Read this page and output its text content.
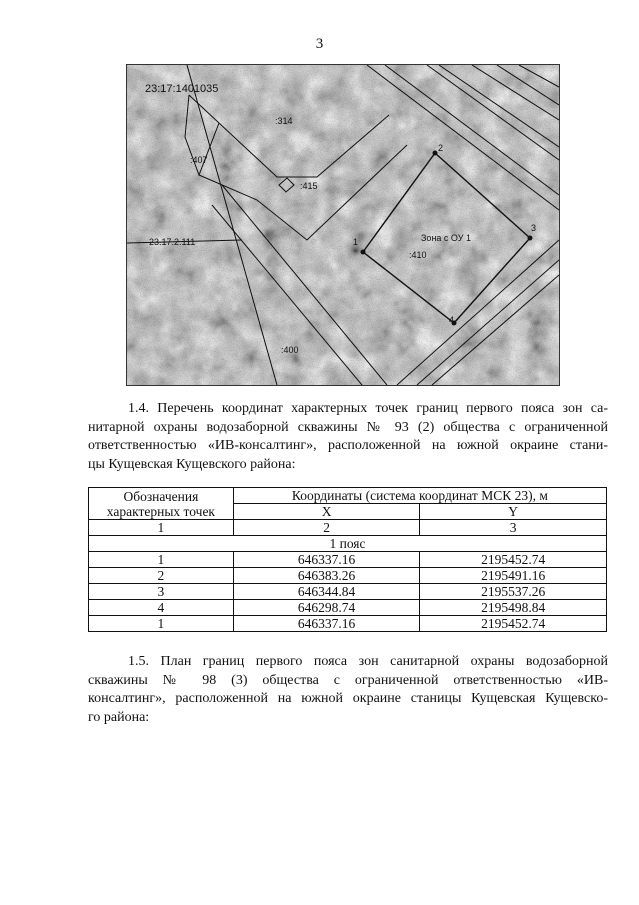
3
23:17:1401035
:314
:407
:415
23.17.2.111
:410
:400
Зона с ОУ 1
1
2
3
4
1.4. Перечень координат характерных точек границ первого пояса зон са-
нитарной охраны водозаборной скважины № 93 (2) общества с ограниченной
ответственностью «ИВ-консалтинг», расположенной на южной окраине стани-
цы Кущевская Кущевского района:
Обозначения характерных точек	Координаты (система координат МСК 23), м	
	X	Y
1	2	3
1 пояс		
1	646337.16	2195452.74
2	646383.26	2195491.16
3	646344.84	2195537.26
4	646298.74	2195498.84
1	646337.16	2195452.74
1.5. План границ первого пояса зон санитарной охраны водозаборной
скважины № 98 (3) общества с ограниченной ответственностью «ИВ-
консалтинг», расположенной на южной окраине станицы Кущевская Кущевско-
го района:
